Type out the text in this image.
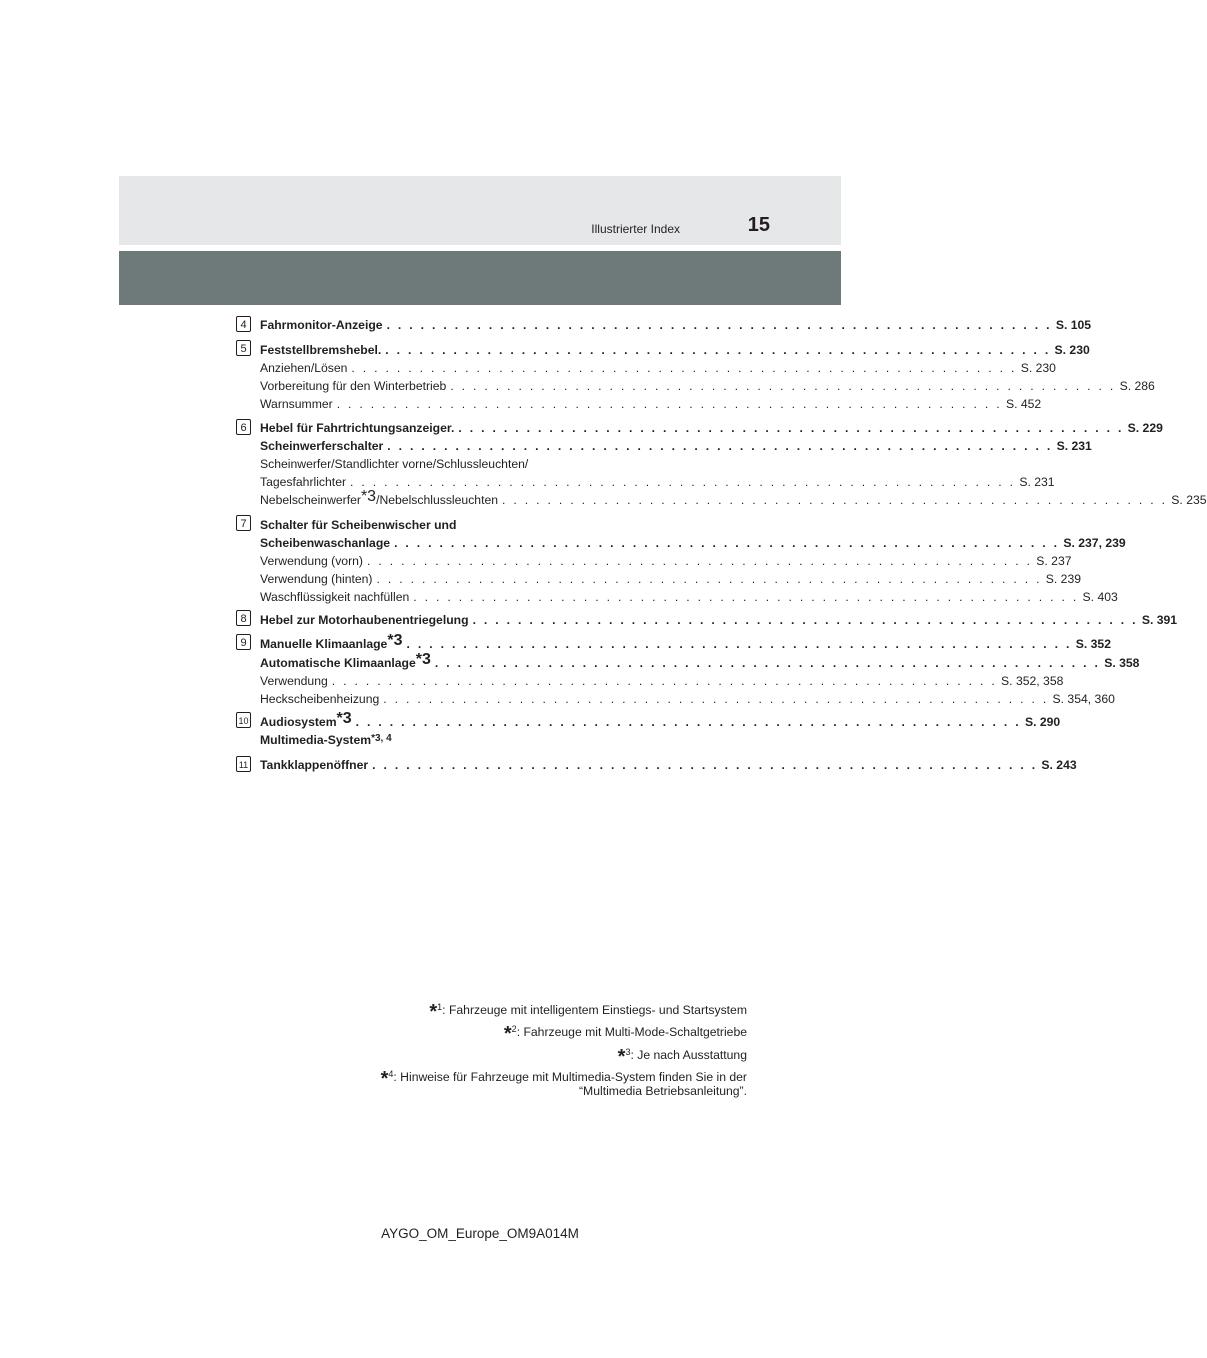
Illustrierter Index	15
4
5
6
7
8
9
10
11
Fahrmonitor-Anzeige . . . . . . . . . . . . . . . . . . . . . . . . . . . . . . . . . . . . . . . . . . . . . . . . . . . . . . . . . . . S. 105
Feststellbremshebel. . . . . . . . . . . . . . . . . . . . . . . . . . . . . . . . . . . . . . . . . . . . . . . . . . . . . . . . . . . . S. 230
Anziehen/Lösen . . . . . . . . . . . . . . . . . . . . . . . . . . . . . . . . . . . . . . . . . . . . . . . . . . . . . . . . . . . S. 230
Vorbereitung für den Winterbetrieb . . . . . . . . . . . . . . . . . . . . . . . . . . . . . . . . . . . . . . . . . . . . . . . . . . . . . . . . . . . S. 286
Warnsummer . . . . . . . . . . . . . . . . . . . . . . . . . . . . . . . . . . . . . . . . . . . . . . . . . . . . . . . . . . . S. 452
Hebel für Fahrtrichtungsanzeiger. . . . . . . . . . . . . . . . . . . . . . . . . . . . . . . . . . . . . . . . . . . . . . . . . . . . . . . . . . . . S. 229
Scheinwerferschalter . . . . . . . . . . . . . . . . . . . . . . . . . . . . . . . . . . . . . . . . . . . . . . . . . . . . . . . . . . . S. 231
Scheinwerfer/Standlichter vorne/Schlussleuchten/
Tagesfahrlichter . . . . . . . . . . . . . . . . . . . . . . . . . . . . . . . . . . . . . . . . . . . . . . . . . . . . . . . . . . . S. 231
Nebelscheinwerfer$^{*3}$/Nebelschlussleuchten . . . . . . . . . . . . . . . . . . . . . . . . . . . . . . . . . . . . . . . . . . . . . . . . . . . . . . . . . . . S. 235
Schalter für Scheibenwischer und
Scheibenwaschanlage . . . . . . . . . . . . . . . . . . . . . . . . . . . . . . . . . . . . . . . . . . . . . . . . . . . . . . . . . . . S. 237, 239
Verwendung (vorn) . . . . . . . . . . . . . . . . . . . . . . . . . . . . . . . . . . . . . . . . . . . . . . . . . . . . . . . . . . . S. 237
Verwendung (hinten) . . . . . . . . . . . . . . . . . . . . . . . . . . . . . . . . . . . . . . . . . . . . . . . . . . . . . . . . . . . S. 239
Waschflüssigkeit nachfüllen . . . . . . . . . . . . . . . . . . . . . . . . . . . . . . . . . . . . . . . . . . . . . . . . . . . . . . . . . . . S. 403
Hebel zur Motorhaubenentriegelung . . . . . . . . . . . . . . . . . . . . . . . . . . . . . . . . . . . . . . . . . . . . . . . . . . . . . . . . . . . S. 391
Manuelle Klimaanlage$^{*3}$ . . . . . . . . . . . . . . . . . . . . . . . . . . . . . . . . . . . . . . . . . . . . . . . . . . . . . . . . . . . S. 352
Automatische Klimaanlage$^{*3}$ . . . . . . . . . . . . . . . . . . . . . . . . . . . . . . . . . . . . . . . . . . . . . . . . . . . . . . . . . . . S. 358
Verwendung . . . . . . . . . . . . . . . . . . . . . . . . . . . . . . . . . . . . . . . . . . . . . . . . . . . . . . . . . . . S. 352, 358
Heckscheibenheizung . . . . . . . . . . . . . . . . . . . . . . . . . . . . . . . . . . . . . . . . . . . . . . . . . . . . . . . . . . . S. 354, 360
Audiosystem$^{*3}$ . . . . . . . . . . . . . . . . . . . . . . . . . . . . . . . . . . . . . . . . . . . . . . . . . . . . . . . . . . . S. 290
Multimedia-System$^{*3, 4}$
Tankklappenöffner . . . . . . . . . . . . . . . . . . . . . . . . . . . . . . . . . . . . . . . . . . . . . . . . . . . . . . . . . . . S. 243
*$^1$: Fahrzeuge mit intelligentem Einstiegs- und Startsystem
*$^2$: Fahrzeuge mit Multi-Mode-Schaltgetriebe
*$^3$: Je nach Ausstattung
*$^4$: Hinweise für Fahrzeuge mit Multimedia-System finden Sie in der
“Multimedia Betriebsanleitung”.
AYGO_OM_Europe_OM9A014M
